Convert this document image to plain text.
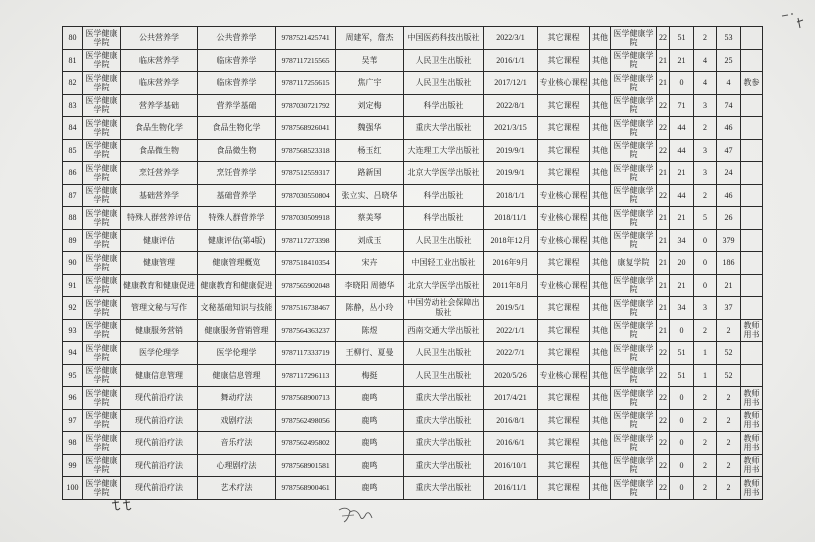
80	医学健康学院	公共营养学	公共营养学	9787521425741	周建军，詹杰	中国医药科技出版社	2022/3/1	其它课程	其他	医学健康学院	22	51	2	53	
81	医学健康学院	临床营养学	临床营养学	9787117215565	吴苇	人民卫生出版社	2016/1/1	其它课程	其他	医学健康学院	21	21	4	25	
82	医学健康学院	临床营养学	临床营养学	9787117255615	焦广宇	人民卫生出版社	2017/12/1	专业核心课程	其他	医学健康学院	21	0	4	4	教参
83	医学健康学院	营养学基础	营养学基础	9787030721792	刘定梅	科学出版社	2022/8/1	其它课程	其他	医学健康学院	22	71	3	74	
84	医学健康学院	食品生物化学	食品生物化学	9787568926041	魏强华	重庆大学出版社	2021/3/15	其它课程	其他	医学健康学院	22	44	2	46	
85	医学健康学院	食品微生物	食品微生物	9787568523318	杨玉红	大连理工大学出版社	2019/9/1	其它课程	其他	医学健康学院	22	44	3	47	
86	医学健康学院	烹饪营养学	烹饪营养学	9787512559317	路新国	北京大学医学出版社	2019/9/1	其它课程	其他	医学健康学院	21	21	3	24	
87	医学健康学院	基础营养学	基础营养学	9787030550804	张立实、吕晓华	科学出版社	2018/1/1	专业核心课程	其他	医学健康学院	22	44	2	46	
88	医学健康学院	特殊人群营养评估	特殊人群营养学	9787030509918	蔡美琴	科学出版社	2018/11/1	专业核心课程	其他	医学健康学院	21	21	5	26	
89	医学健康学院	健康评估	健康评估(第4版)	9787117273398	刘成玉	人民卫生出版社	2018年12月	专业核心课程	其他	医学健康学院	21	34	0	379	
90	医学健康学院	健康管理	健康管理概览	9787518410354	宋卉	中国轻工业出版社	2016年9月	其它课程	其他	康复学院	21	20	0	186	
91	医学健康学院	健康教育和健康促进	健康教育和健康促进	9787565902048	李晓阳 周德华	北京大学医学出版社	2011年8月	专业核心课程	其他	医学健康学院	21	21	0	21	
92	医学健康学院	管理文秘与写作	文秘基础知识与技能	9787516738467	陈静，丛小玲	中国劳动社会保障出版社	2019/5/1	其它课程	其他	医学健康学院	21	34	3	37	
93	医学健康学院	健康服务营销	健康服务营销管理	9787564363237	陈煜	西南交通大学出版社	2022/1/1	其它课程	其他	医学健康学院	21	0	2	2	教师用书
94	医学健康学院	医学伦理学	医学伦理学	9787117333719	王柳行、夏曼	人民卫生出版社	2022/7/1	其它课程	其他	医学健康学院	22	51	1	52	
95	医学健康学院	健康信息管理	健康信息管理	9787117296113	梅挺	人民卫生出版社	2020/5/26	专业核心课程	其他	医学健康学院	22	51	1	52	
96	医学健康学院	现代前沿疗法	舞动疗法	9787568900713	鹿鸣	重庆大学出版社	2017/4/21	其它课程	其他	医学健康学院	22	0	2	2	教师用书
97	医学健康学院	现代前沿疗法	戏剧疗法	9787562498056	鹿鸣	重庆大学出版社	2016/8/1	其它课程	其他	医学健康学院	22	0	2	2	教师用书
98	医学健康学院	现代前沿疗法	音乐疗法	9787562495802	鹿鸣	重庆大学出版社	2016/6/1	其它课程	其他	医学健康学院	22	0	2	2	教师用书
99	医学健康学院	现代前沿疗法	心理剧疗法	9787568901581	鹿鸣	重庆大学出版社	2016/10/1	其它课程	其他	医学健康学院	22	0	2	2	教师用书
100	医学健康学院	现代前沿疗法	艺术疗法	9787568900461	鹿鸣	重庆大学出版社	2016/11/1	其它课程	其他	医学健康学院	22	0	2	2	教师用书
